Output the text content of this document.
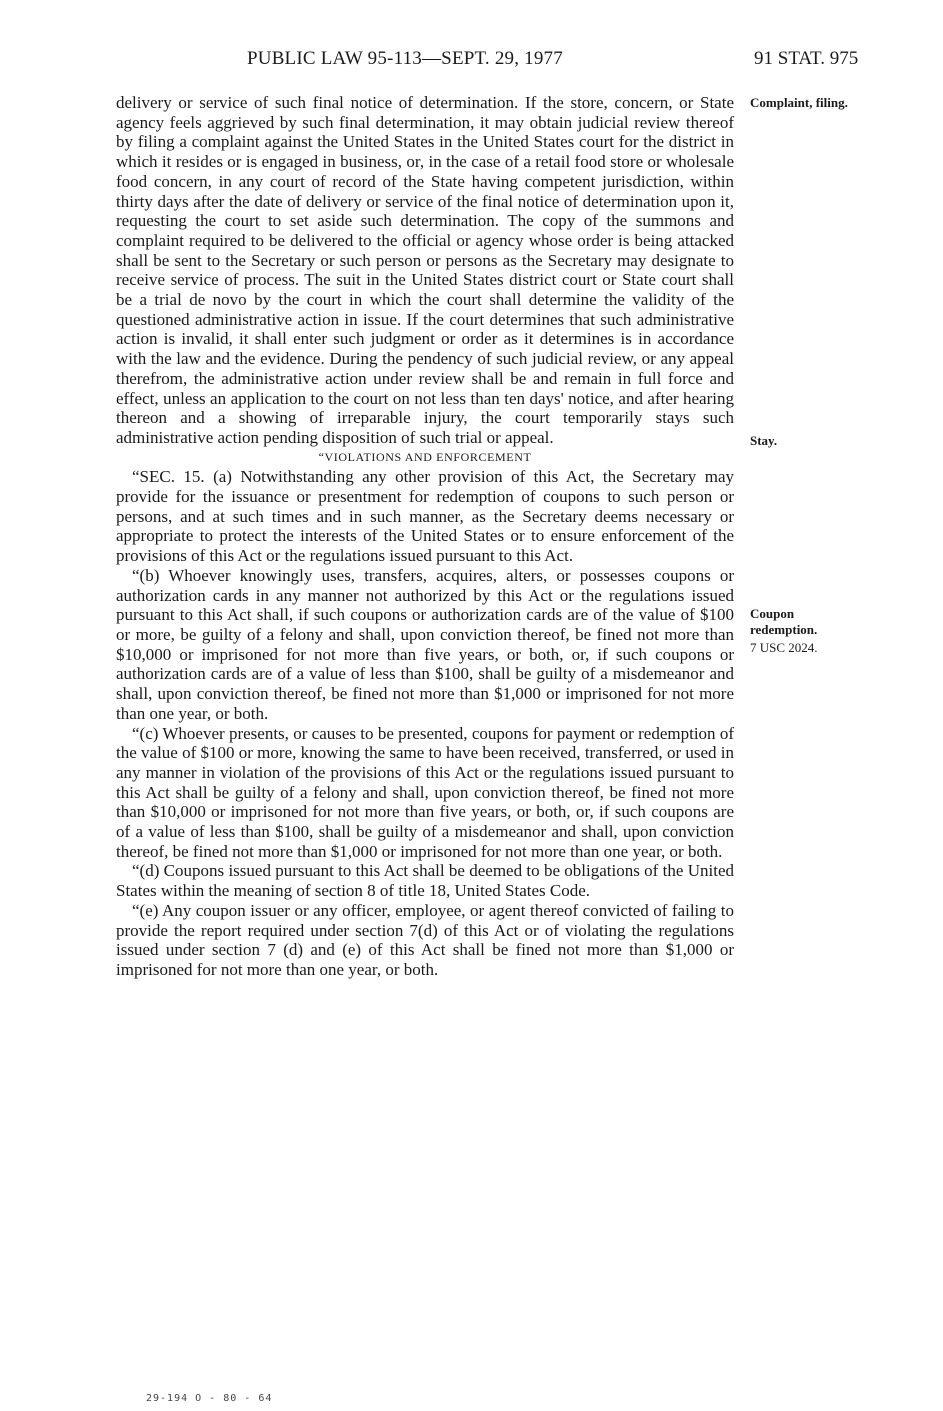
PUBLIC LAW 95-113—SEPT. 29, 1977	91 STAT. 975

delivery or service of such final notice of determination. If the store, concern, or State agency feels aggrieved by such final determination, it may obtain judicial review thereof by filing a complaint against the United States in the United States court for the district in which it resides or is engaged in business, or, in the case of a retail food store or wholesale food concern, in any court of record of the State having competent jurisdiction, within thirty days after the date of delivery or service of the final notice of determination upon it, requesting the court to set aside such determination. The copy of the summons and complaint required to be delivered to the official or agency whose order is being attacked shall be sent to the Secretary or such person or persons as the Secretary may designate to receive service of process. The suit in the United States district court or State court shall be a trial de novo by the court in which the court shall determine the validity of the questioned administrative action in issue. If the court determines that such administrative action is invalid, it shall enter such judgment or order as it determines is in accordance with the law and the evidence. During the pendency of such judicial review, or any appeal therefrom, the administrative action under review shall be and remain in full force and effect, unless an application to the court on not less than ten days' notice, and after hearing thereon and a showing of irreparable injury, the court temporarily stays such administrative action pending disposition of such trial or appeal.

“VIOLATIONS AND ENFORCEMENT

“SEC. 15. (a) Notwithstanding any other provision of this Act, the Secretary may provide for the issuance or presentment for redemption of coupons to such person or persons, and at such times and in such manner, as the Secretary deems necessary or appropriate to protect the interests of the United States or to ensure enforcement of the provisions of this Act or the regulations issued pursuant to this Act.

“(b) Whoever knowingly uses, transfers, acquires, alters, or possesses coupons or authorization cards in any manner not authorized by this Act or the regulations issued pursuant to this Act shall, if such coupons or authorization cards are of the value of $100 or more, be guilty of a felony and shall, upon conviction thereof, be fined not more than $10,000 or imprisoned for not more than five years, or both, or, if such coupons or authorization cards are of a value of less than $100, shall be guilty of a misdemeanor and shall, upon conviction thereof, be fined not more than $1,000 or imprisoned for not more than one year, or both.

“(c) Whoever presents, or causes to be presented, coupons for payment or redemption of the value of $100 or more, knowing the same to have been received, transferred, or used in any manner in violation of the provisions of this Act or the regulations issued pursuant to this Act shall be guilty of a felony and shall, upon conviction thereof, be fined not more than $10,000 or imprisoned for not more than five years, or both, or, if such coupons are of a value of less than $100, shall be guilty of a misdemeanor and shall, upon conviction thereof, be fined not more than $1,000 or imprisoned for not more than one year, or both.

“(d) Coupons issued pursuant to this Act shall be deemed to be obligations of the United States within the meaning of section 8 of title 18, United States Code.

“(e) Any coupon issuer or any officer, employee, or agent thereof convicted of failing to provide the report required under section 7(d) of this Act or of violating the regulations issued under section 7 (d) and (e) of this Act shall be fined not more than $1,000 or imprisoned for not more than one year, or both.

Complaint, filing.
Stay.
Coupon redemption.
7 USC 2024.
29-194 O - 80 - 64
